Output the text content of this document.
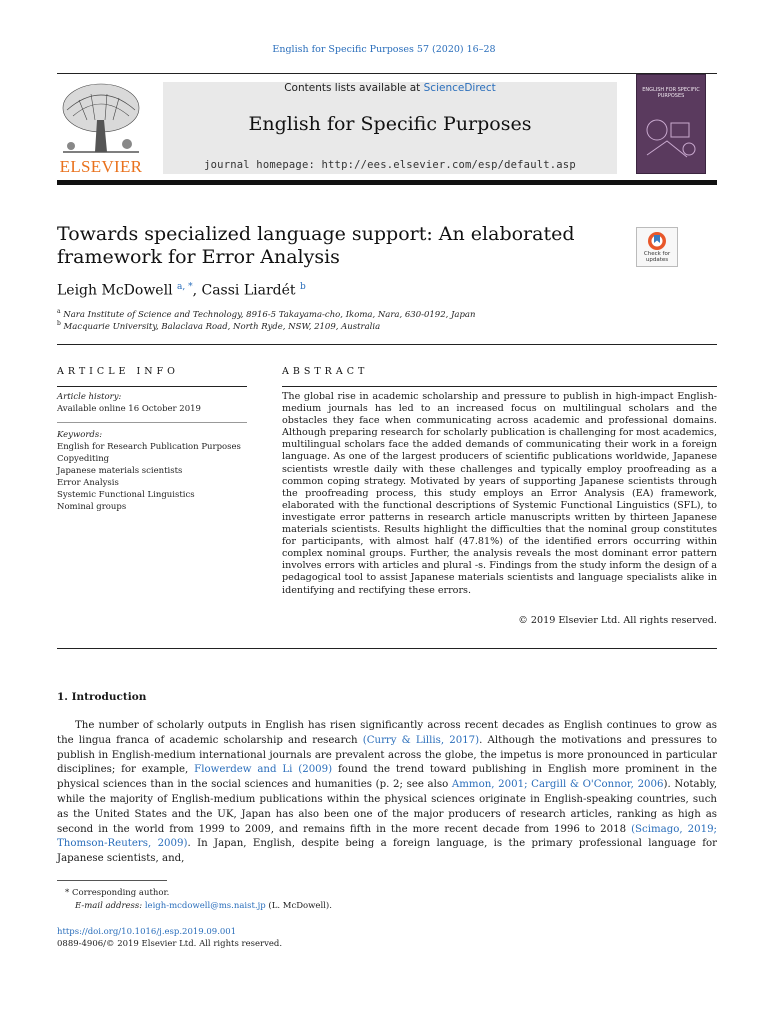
English for Specific Purposes 57 (2020) 16–28
ELSEVIER
Contents lists available at ScienceDirect
English for Specific Purposes
journal homepage: http://ees.elsevier.com/esp/default.asp
ENGLISH FOR SPECIFIC PURPOSES
Towards specialized language support: An elaborated
framework for Error Analysis	Check for updates
Leigh McDowell $^{a, *}$, Cassi Liardét $^b$
$^a$ Nara Institute of Science and Technology, 8916-5 Takayama-cho, Ikoma, Nara, 630-0192, Japan
$^b$ Macquarie University, Balaclava Road, North Ryde, NSW, 2109, Australia
ARTICLE INFO
Article history:
Available online 16 October 2019
Keywords:
English for Research Publication Purposes
Copyediting
Japanese materials scientists
Error Analysis
Systemic Functional Linguistics
Nominal groups
ABSTRACT
The global rise in academic scholarship and pressure to publish in high-impact English-medium journals has led to an increased focus on multilingual scholars and the obstacles they face when communicating across academic and professional domains. Although preparing research for scholarly publication is challenging for most academics, multilingual scholars face the added demands of communicating their work in a foreign language. As one of the largest producers of scientific publications worldwide, Japanese scientists wrestle daily with these challenges and typically employ proofreading as a common coping strategy. Motivated by years of supporting Japanese scientists through the proofreading process, this study employs an Error Analysis (EA) framework, elaborated with the functional descriptions of Systemic Functional Linguistics (SFL), to investigate error patterns in research article manuscripts written by thirteen Japanese materials scientists. Results highlight the difficulties that the nominal group constitutes for participants, with almost half (47.81%) of the identified errors occurring within complex nominal groups. Further, the analysis reveals the most dominant error pattern involves errors with articles and plural -s. Findings from the study inform the design of a pedagogical tool to assist Japanese materials scientists and language specialists alike in identifying and rectifying these errors.
© 2019 Elsevier Ltd. All rights reserved.
1. Introduction
The number of scholarly outputs in English has risen significantly across recent decades as English continues to grow as the lingua franca of academic scholarship and research (Curry & Lillis, 2017). Although the motivations and pressures to publish in English-medium international journals are prevalent across the globe, the impetus is more pronounced in particular disciplines; for example, Flowerdew and Li (2009) found the trend toward publishing in English more prominent in the physical sciences than in the social sciences and humanities (p. 2; see also Ammon, 2001; Cargill & O'Connor, 2006). Notably, while the majority of English-medium publications within the physical sciences originate in English-speaking countries, such as the United States and the UK, Japan has also been one of the major producers of research articles, ranking as high as second in the world from 1999 to 2009, and remains fifth in the more recent decade from 1996 to 2018 (Scimago, 2019; Thomson-Reuters, 2009). In Japan, English, despite being a foreign language, is the primary professional language for Japanese scientists, and,
* Corresponding author.
E-mail address: leigh-mcdowell@ms.naist.jp (L. McDowell).
https://doi.org/10.1016/j.esp.2019.09.001
0889-4906/© 2019 Elsevier Ltd. All rights reserved.
